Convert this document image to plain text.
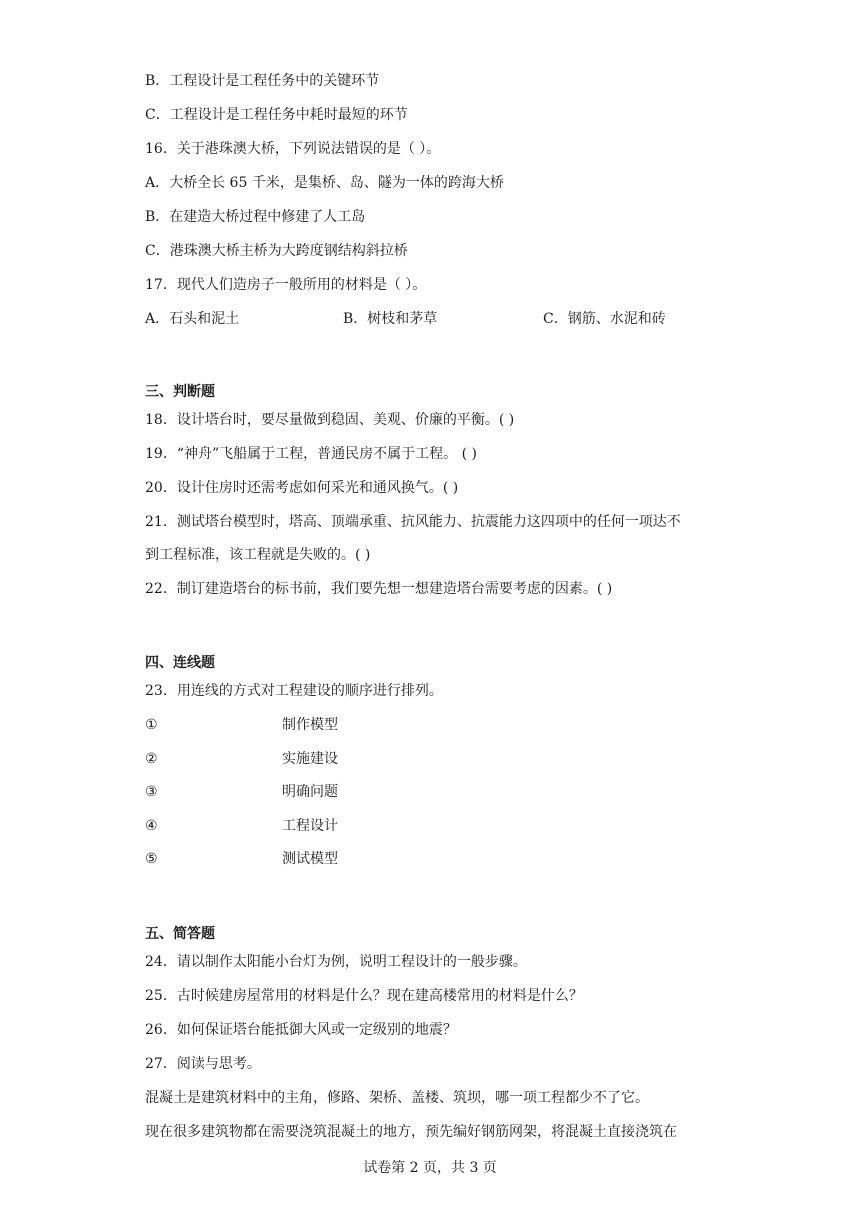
B．工程设计是工程任务中的关键环节
C．工程设计是工程任务中耗时最短的环节
16．关于港珠澳大桥，下列说法错误的是（ ）。
A．大桥全长 65 千米，是集桥、岛、隧为一体的跨海大桥
B．在建造大桥过程中修建了人工岛
C．港珠澳大桥主桥为大跨度钢结构斜拉桥
17．现代人们造房子一般所用的材料是（ ）。
A．石头和泥土	B．树枝和茅草	C．钢筋、水泥和砖
三、判断题
18．设计塔台时，要尽量做到稳固、美观、价廉的平衡。( )
19．“神舟”飞船属于工程，普通民房不属于工程。 ( )
20．设计住房时还需考虑如何采光和通风换气。( )
21．测试塔台模型时，塔高、顶端承重、抗风能力、抗震能力这四项中的任何一项达不
到工程标准，该工程就是失败的。( )
22．制订建造塔台的标书前，我们要先想一想建造塔台需要考虑的因素。( )
四、连线题
23．用连线的方式对工程建设的顺序进行排列。
①	制作模型
②	实施建设
③	明确问题
④	工程设计
⑤	测试模型
五、简答题
24．请以制作太阳能小台灯为例，说明工程设计的一般步骤。
25．古时候建房屋常用的材料是什么？现在建高楼常用的材料是什么？
26．如何保证塔台能抵御大风或一定级别的地震？
27．阅读与思考。
混凝土是建筑材料中的主角，修路、架桥、盖楼、筑坝，哪一项工程都少不了它。
现在很多建筑物都在需要浇筑混凝土的地方，预先编好钢筋网架，将混凝土直接浇筑在
试卷第 2 页，共 3 页
